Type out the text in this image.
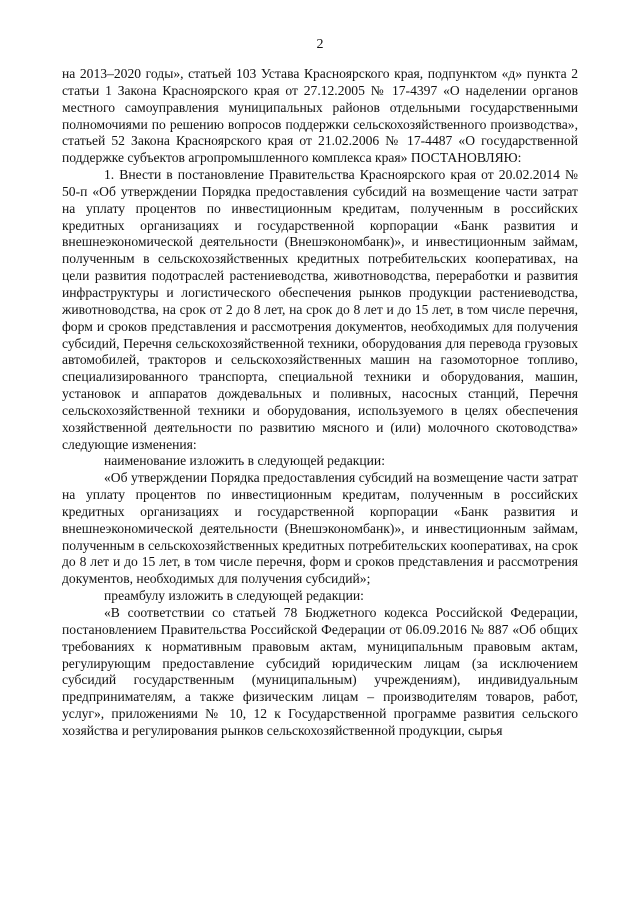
2

на 2013–2020 годы», статьей 103 Устава Красноярского края, подпунктом «д» пункта 2 статьи 1 Закона Красноярского края от 27.12.2005 № 17-4397 «О наделении органов местного самоуправления муниципальных районов отдельными государственными полномочиями по решению вопросов поддержки сельскохозяйственного производства», статьей 52 Закона Красноярского края от 21.02.2006 № 17-4487 «О государственной поддержке субъектов агропромышленного комплекса края» ПОСТАНОВЛЯЮ:

1. Внести в постановление Правительства Красноярского края от 20.02.2014 № 50-п «Об утверждении Порядка предоставления субсидий на возмещение части затрат на уплату процентов по инвестиционным кредитам, полученным в российских кредитных организациях и государственной корпорации «Банк развития и внешнеэкономической деятельности (Внешэкономбанк)», и инвестиционным займам, полученным в сельскохозяйственных кредитных потребительских кооперативах, на цели развития подотраслей растениеводства, животноводства, переработки и развития инфраструктуры и логистического обеспечения рынков продукции растениеводства, животноводства, на срок от 2 до 8 лет, на срок до 8 лет и до 15 лет, в том числе перечня, форм и сроков представления и рассмотрения документов, необходимых для получения субсидий, Перечня сельскохозяйственной техники, оборудования для перевода грузовых автомобилей, тракторов и сельскохозяйственных машин на газомоторное топливо, специализированного транспорта, специальной техники и оборудования, машин, установок и аппаратов дождевальных и поливных, насосных станций, Перечня сельскохозяйственной техники и оборудования, используемого в целях обеспечения хозяйственной деятельности по развитию мясного и (или) молочного скотоводства» следующие изменения:

наименование изложить в следующей редакции:

«Об утверждении Порядка предоставления субсидий на возмещение части затрат на уплату процентов по инвестиционным кредитам, полученным в российских кредитных организациях и государственной корпорации «Банк развития и внешнеэкономической деятельности (Внешэкономбанк)», и инвестиционным займам, полученным в сельскохозяйственных кредитных потребительских кооперативах, на срок до 8 лет и до 15 лет, в том числе перечня, форм и сроков представления и рассмотрения документов, необходимых для получения субсидий»;

преамбулу изложить в следующей редакции:

«В соответствии со статьей 78 Бюджетного кодекса Российской Федерации, постановлением Правительства Российской Федерации от 06.09.2016 № 887 «Об общих требованиях к нормативным правовым актам, муниципальным правовым актам, регулирующим предоставление субсидий юридическим лицам (за исключением субсидий государственным (муниципальным) учреждениям), индивидуальным предпринимателям, а также физическим лицам – производителям товаров, работ, услуг», приложениями № 10, 12 к Государственной программе развития сельского хозяйства и регулирования рынков сельскохозяйственной продукции, сырья
